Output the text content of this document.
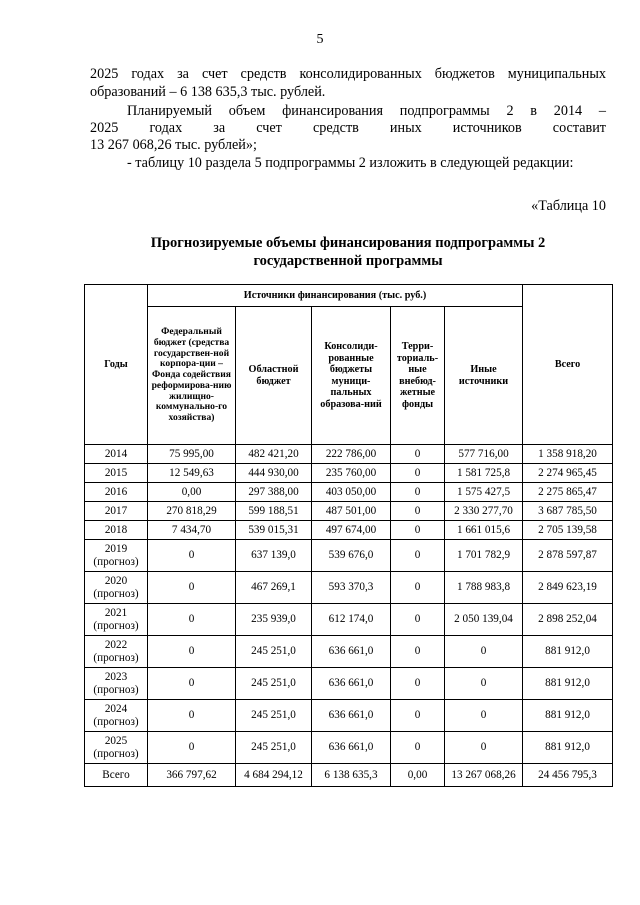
5
2025 годах за счет средств консолидированных бюджетов муниципальных
образований – 6 138 635,3 тыс. рублей.
Планируемый объем финансирования подпрограммы 2 в 2014 –
2025 годах за счет средств иных источников составит
13 267 068,26 тыс. рублей»;
- таблицу 10 раздела 5 подпрограммы 2 изложить в следующей редакции:
«Таблица 10
Прогнозируемые объемы финансирования подпрограммы 2
государственной программы
Годы	Источники финансирования (тыс. руб.)					Всего
	Федеральный бюджет (средства государствен-ной корпора-ции – Фонда содействия реформирова-нию жилищно-коммунально-го хозяйства)	Областной бюджет	Консолиди-рованные бюджеты муници-пальных образова-ний	Терри-ториаль-ные внебюд-жетные фонды	Иные источники	

2014	75 995,00	482 421,20	222 786,00	0	577 716,00	1 358 918,20

2015	12 549,63	444 930,00	235 760,00	0	1 581 725,8	2 274 965,45

2016	0,00	297 388,00	403 050,00	0	1 575 427,5	2 275 865,47

2017	270 818,29	599 188,51	487 501,00	0	2 330 277,70	3 687 785,50

2018	7 434,70	539 015,31	497 674,00	0	1 661 015,6	2 705 139,58

2019
(прогноз)	0	637 139,0	539 676,0	0	1 701 782,9	2 878 597,87

2020
(прогноз)	0	467 269,1	593 370,3	0	1 788 983,8	2 849 623,19

2021
(прогноз)	0	235 939,0	612 174,0	0	2 050 139,04	2 898 252,04

2022
(прогноз)	0	245 251,0	636 661,0	0	0	881 912,0

2023
(прогноз)	0	245 251,0	636 661,0	0	0	881 912,0

2024
(прогноз)	0	245 251,0	636 661,0	0	0	881 912,0

2025
(прогноз)	0	245 251,0	636 661,0	0	0	881 912,0
Всего	366 797,62	4 684 294,12	6 138 635,3	0,00	13 267 068,26	24 456 795,3
